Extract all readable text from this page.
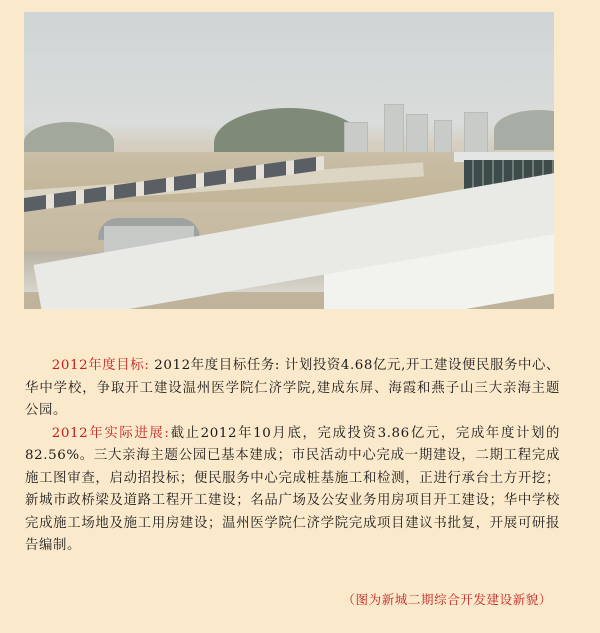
2012年度目标: 2012年度目标任务: 计划投资4.68亿元,开工建设便民服务中心、华中学校，争取开工建设温州医学院仁济学院,建成东屏、海霞和燕子山三大亲海主题公园。

2012年实际进展:截止2012年10月底，完成投资3.86亿元，完成年度计划的82.56%。三大亲海主题公园已基本建成；市民活动中心完成一期建设，二期工程完成施工图审查，启动招投标；便民服务中心完成桩基施工和检测，正进行承台土方开挖；新城市政桥梁及道路工程开工建设；名品广场及公安业务用房项目开工建设；华中学校完成施工场地及施工用房建设；温州医学院仁济学院完成项目建议书批复，开展可研报告编制。

（图为新城二期综合开发建设新貌）
